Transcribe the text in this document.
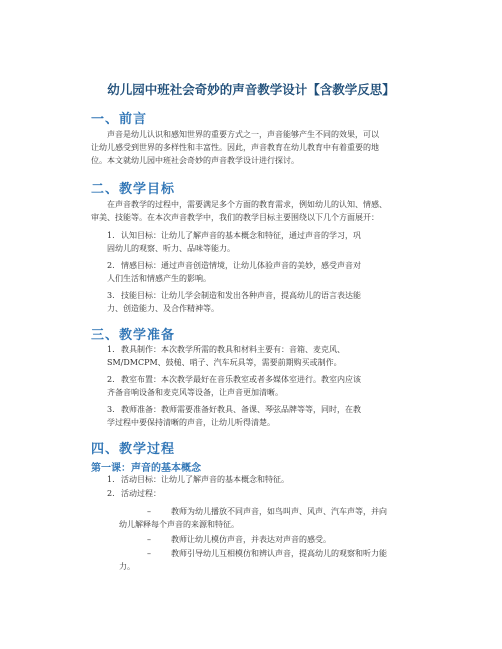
幼儿园中班社会奇妙的声音教学设计【含教学反思】
一、前言
声音是幼儿认识和感知世界的重要方式之一，声音能够产生不同的效果，可以
让幼儿感受到世界的多样性和丰富性。因此，声音教育在幼儿教育中有着重要的地
位。本文就幼儿园中班社会奇妙的声音教学设计进行探讨。
二、教学目标
在声音教学的过程中，需要满足多个方面的教育需求，例如幼儿的认知、情感、
审美、技能等。在本次声音教学中，我们的教学目标主要围绕以下几个方面展开：
1. 认知目标：让幼儿了解声音的基本概念和特征，通过声音的学习，巩
固幼儿的观察、听力、品味等能力。
2. 情感目标：通过声音创造情境，让幼儿体验声音的美妙，感受声音对
人们生活和情感产生的影响。
3. 技能目标：让幼儿学会制造和发出各种声音，提高幼儿的语言表达能
力、创造能力、及合作精神等。
三、教学准备
1. 教具制作：本次教学所需的教具和材料主要有：音箱、麦克风、
SM/DMCPM、鼓槌、哨子、汽车玩具等，需要前期购买或制作。
2. 教室布置：本次教学最好在音乐教室或者多媒体室进行。教室内应该
齐备音响设备和麦克风等设备，让声音更加清晰。
3. 教师准备：教师需要准备好教具、备课、琴弦品牌等等，同时，在教
学过程中要保持清晰的声音，让幼儿听得清楚。
四、教学过程
第一课：声音的基本概念
1. 活动目标：让幼儿了解声音的基本概念和特征。
2. 活动过程：
–	教师为幼儿播放不同声音，如鸟叫声、风声、汽车声等，并向
幼儿解释每个声音的来源和特征。
–	教师让幼儿模仿声音，并表达对声音的感受。
–	教师引导幼儿互相模仿和辨认声音，提高幼儿的观察和听力能
力。
